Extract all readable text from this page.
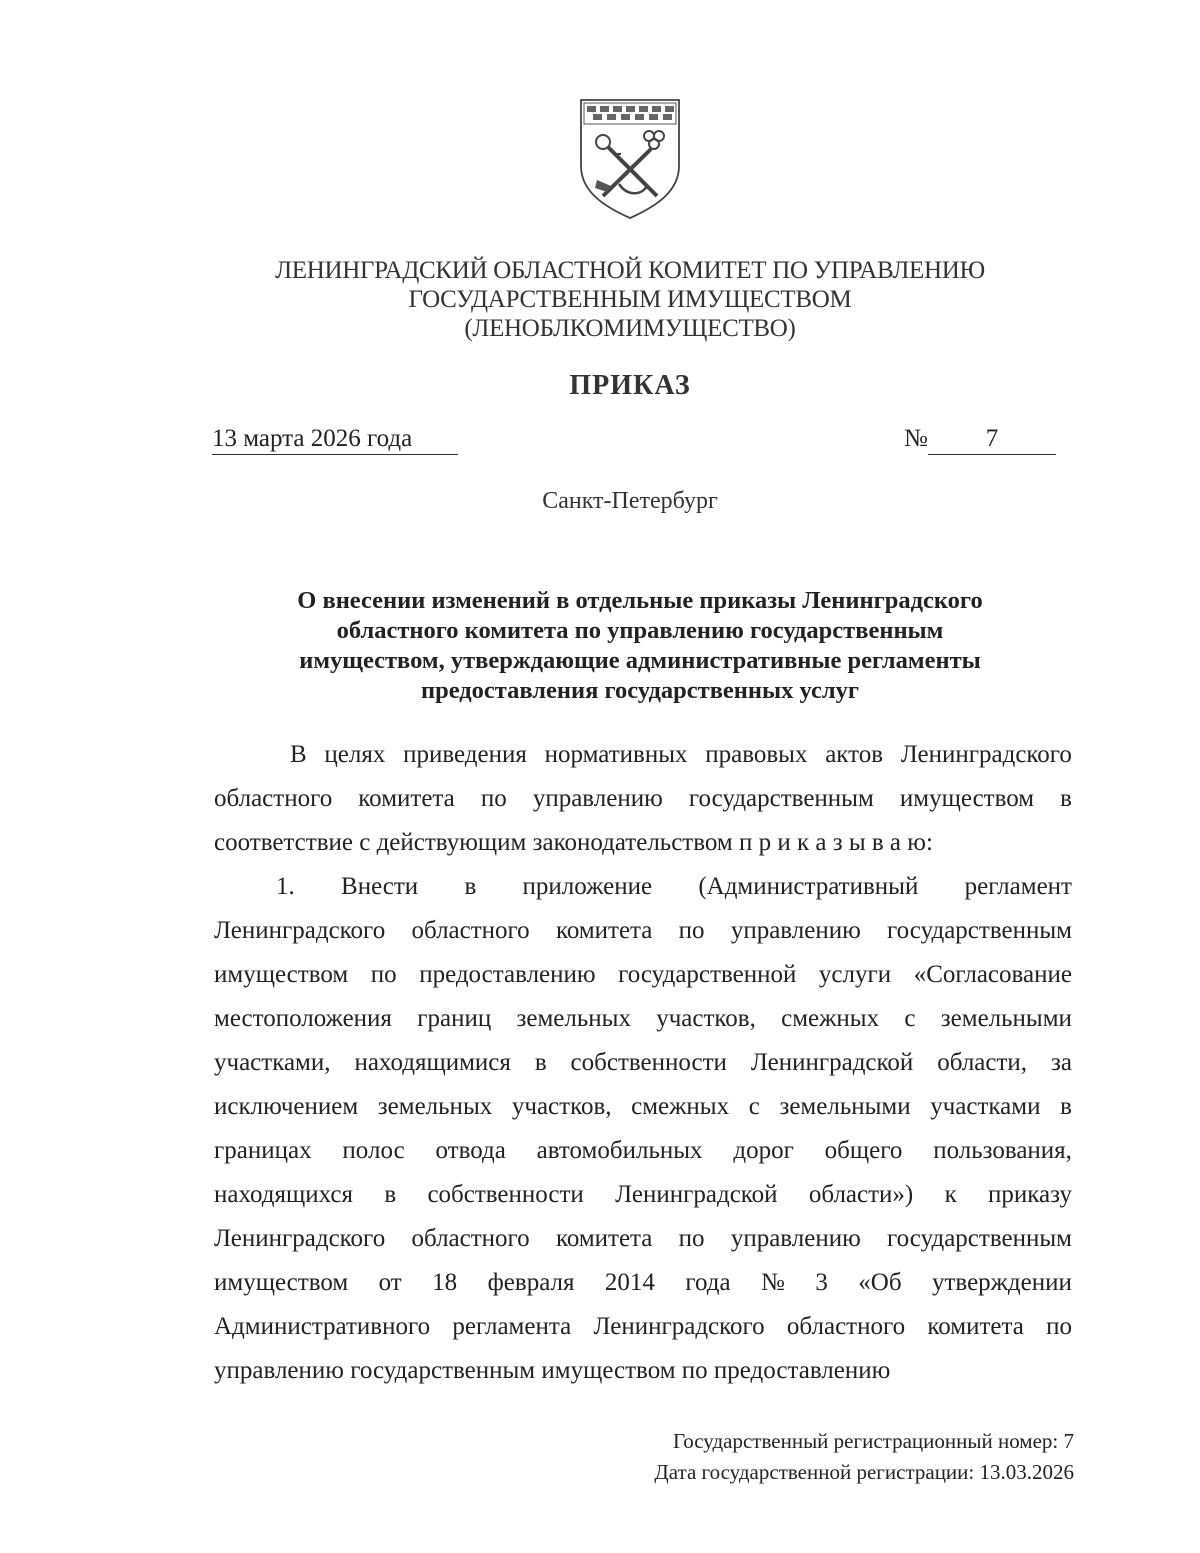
ЛЕНИНГРАДСКИЙ ОБЛАСТНОЙ КОМИТЕТ ПО УПРАВЛЕНИЮ
ГОСУДАРСТВЕННЫМ ИМУЩЕСТВОМ
(ЛЕНОБЛКОМИМУЩЕСТВО)
ПРИКАЗ
13 марта 2026 года	№	7
Санкт-Петербург
О внесении изменений в отдельные приказы Ленинградского
областного комитета по управлению государственным
имуществом, утверждающие административные регламенты
предоставления государственных услуг
В целях приведения нормативных правовых актов Ленинградского
областного комитета по управлению государственным имуществом в
соответствие с действующим законодательством п р и к а з ы в а ю:
1. Внести в приложение (Административный регламент
Ленинградского областного комитета по управлению государственным
имуществом по предоставлению государственной услуги «Согласование
местоположения границ земельных участков, смежных с земельными
участками, находящимися в собственности Ленинградской области, за
исключением земельных участков, смежных с земельными участками в
границах полос отвода автомобильных дорог общего пользования,
находящихся в собственности Ленинградской области») к приказу
Ленинградского областного комитета по управлению государственным
имуществом от 18 февраля 2014 года № 3 «Об утверждении
Административного регламента Ленинградского областного комитета по
управлению государственным имуществом по предоставлению
Государственный регистрационный номер: 7
Дата государственной регистрации: 13.03.2026
